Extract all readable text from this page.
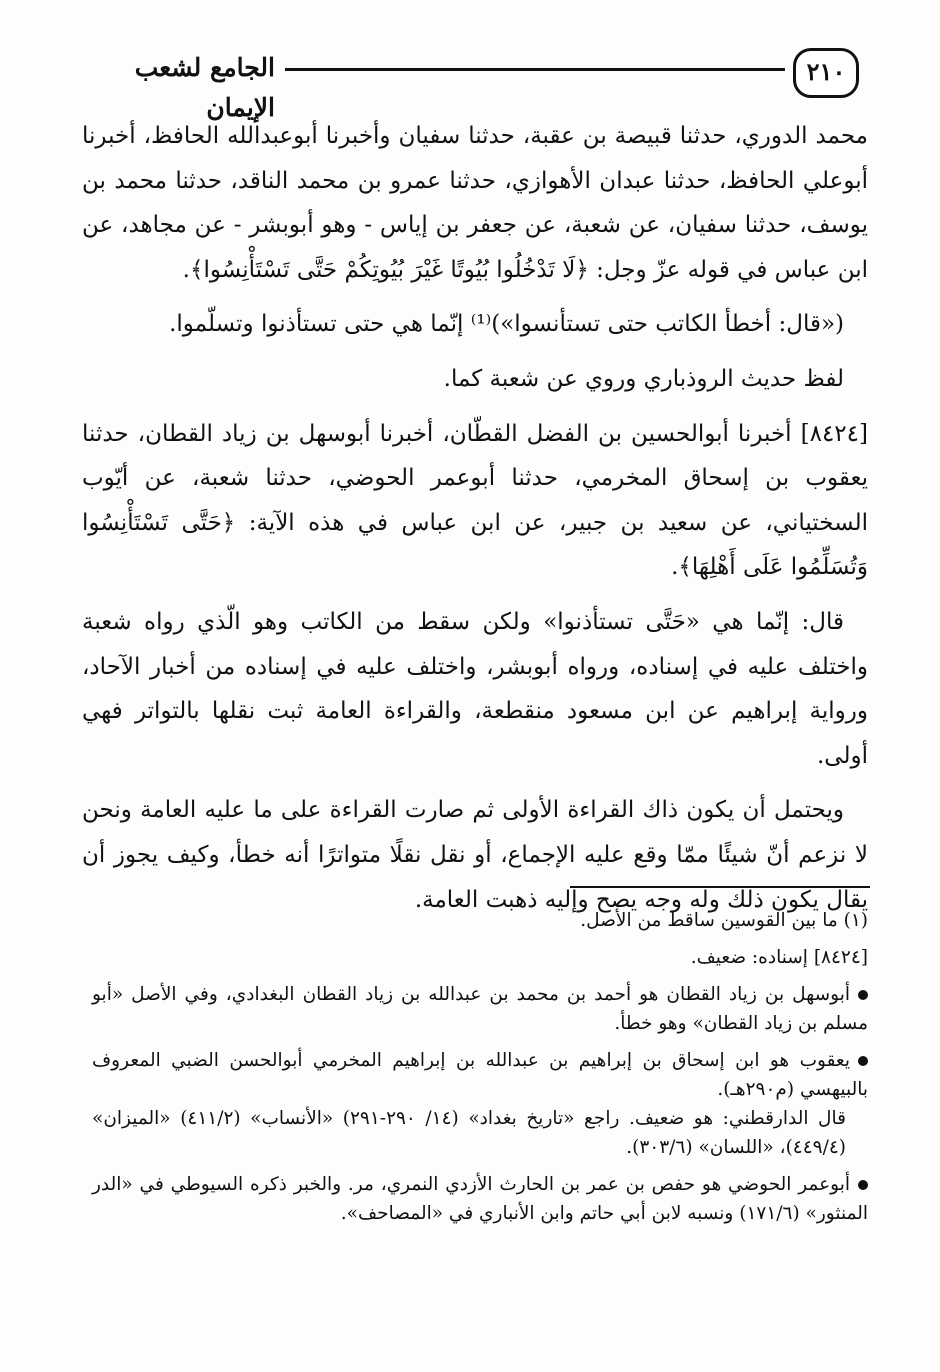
الجامع لشعب الإيمان
٢١٠

محمد الدوري، حدثنا قبيصة بن عقبة، حدثنا سفيان وأخبرنا أبوعبدالله الحافظ، أخبرنا أبوعلي الحافظ، حدثنا عبدان الأهوازي، حدثنا عمرو بن محمد الناقد، حدثنا محمد بن يوسف، حدثنا سفيان، عن شعبة، عن جعفر بن إياس - وهو أبوبشر - عن مجاهد، عن ابن عباس في قوله عزّ وجل: ﴿لَا تَدْخُلُوا بُيُوتًا غَيْرَ بُيُوتِكُمْ حَتَّى تَسْتَأْنِسُوا﴾.

(«قال: أخطأ الكاتب حتى تستأنسوا»)⁽¹⁾ إنّما هي حتى تستأذنوا وتسلّموا.

لفظ حديث الروذباري وروي عن شعبة كما.

[٨٤٢٤] أخبرنا أبوالحسين بن الفضل القطّان، أخبرنا أبوسهل بن زياد القطان، حدثنا يعقوب بن إسحاق المخرمي، حدثنا أبوعمر الحوضي، حدثنا شعبة، عن أيّوب السختياني، عن سعيد بن جبير، عن ابن عباس في هذه الآية: ﴿حَتَّى تَسْتَأْنِسُوا وَتُسَلِّمُوا عَلَى أَهْلِهَا﴾.

قال: إنّما هي «حَتَّى تستأذنوا» ولكن سقط من الكاتب وهو الّذي رواه شعبة واختلف عليه في إسناده، ورواه أبوبشر، واختلف عليه في إسناده من أخبار الآحاد، ورواية إبراهيم عن ابن مسعود منقطعة، والقراءة العامة ثبت نقلها بالتواتر فهي أولى.

ويحتمل أن يكون ذاك القراءة الأولى ثم صارت القراءة على ما عليه العامة ونحن لا نزعم أنّ شيئًا ممّا وقع عليه الإجماع، أو نقل نقلًا متواترًا أنه خطأ، وكيف يجوز أن يقال يكون ذلك وله وجه يصح وإليه ذهبت العامة.

(١) ما بين القوسين ساقط من الأصل.
[٨٤٢٤] إسناده: ضعيف.
أبوسهل بن زياد القطان هو أحمد بن محمد بن عبدالله بن زياد القطان البغدادي، وفي الأصل «أبو مسلم بن زياد القطان» وهو خطأ.
يعقوب هو ابن إسحاق بن إبراهيم بن عبدالله بن إبراهيم المخرمي أبوالحسن الضبي المعروف بالبيهسي (م٢٩٠هـ).
قال الدارقطني: هو ضعيف. راجع «تاريخ بغداد» (١٤/ ٢٩٠-٢٩١) «الأنساب» (٤١١/٢) «الميزان» (٤٤٩/٤)، «اللسان» (٣٠٣/٦).
أبوعمر الحوضي هو حفص بن عمر بن الحارث الأزدي النمري، مر. والخبر ذكره السيوطي في «الدر المنثور» (١٧١/٦) ونسبه لابن أبي حاتم وابن الأنباري في «المصاحف».
